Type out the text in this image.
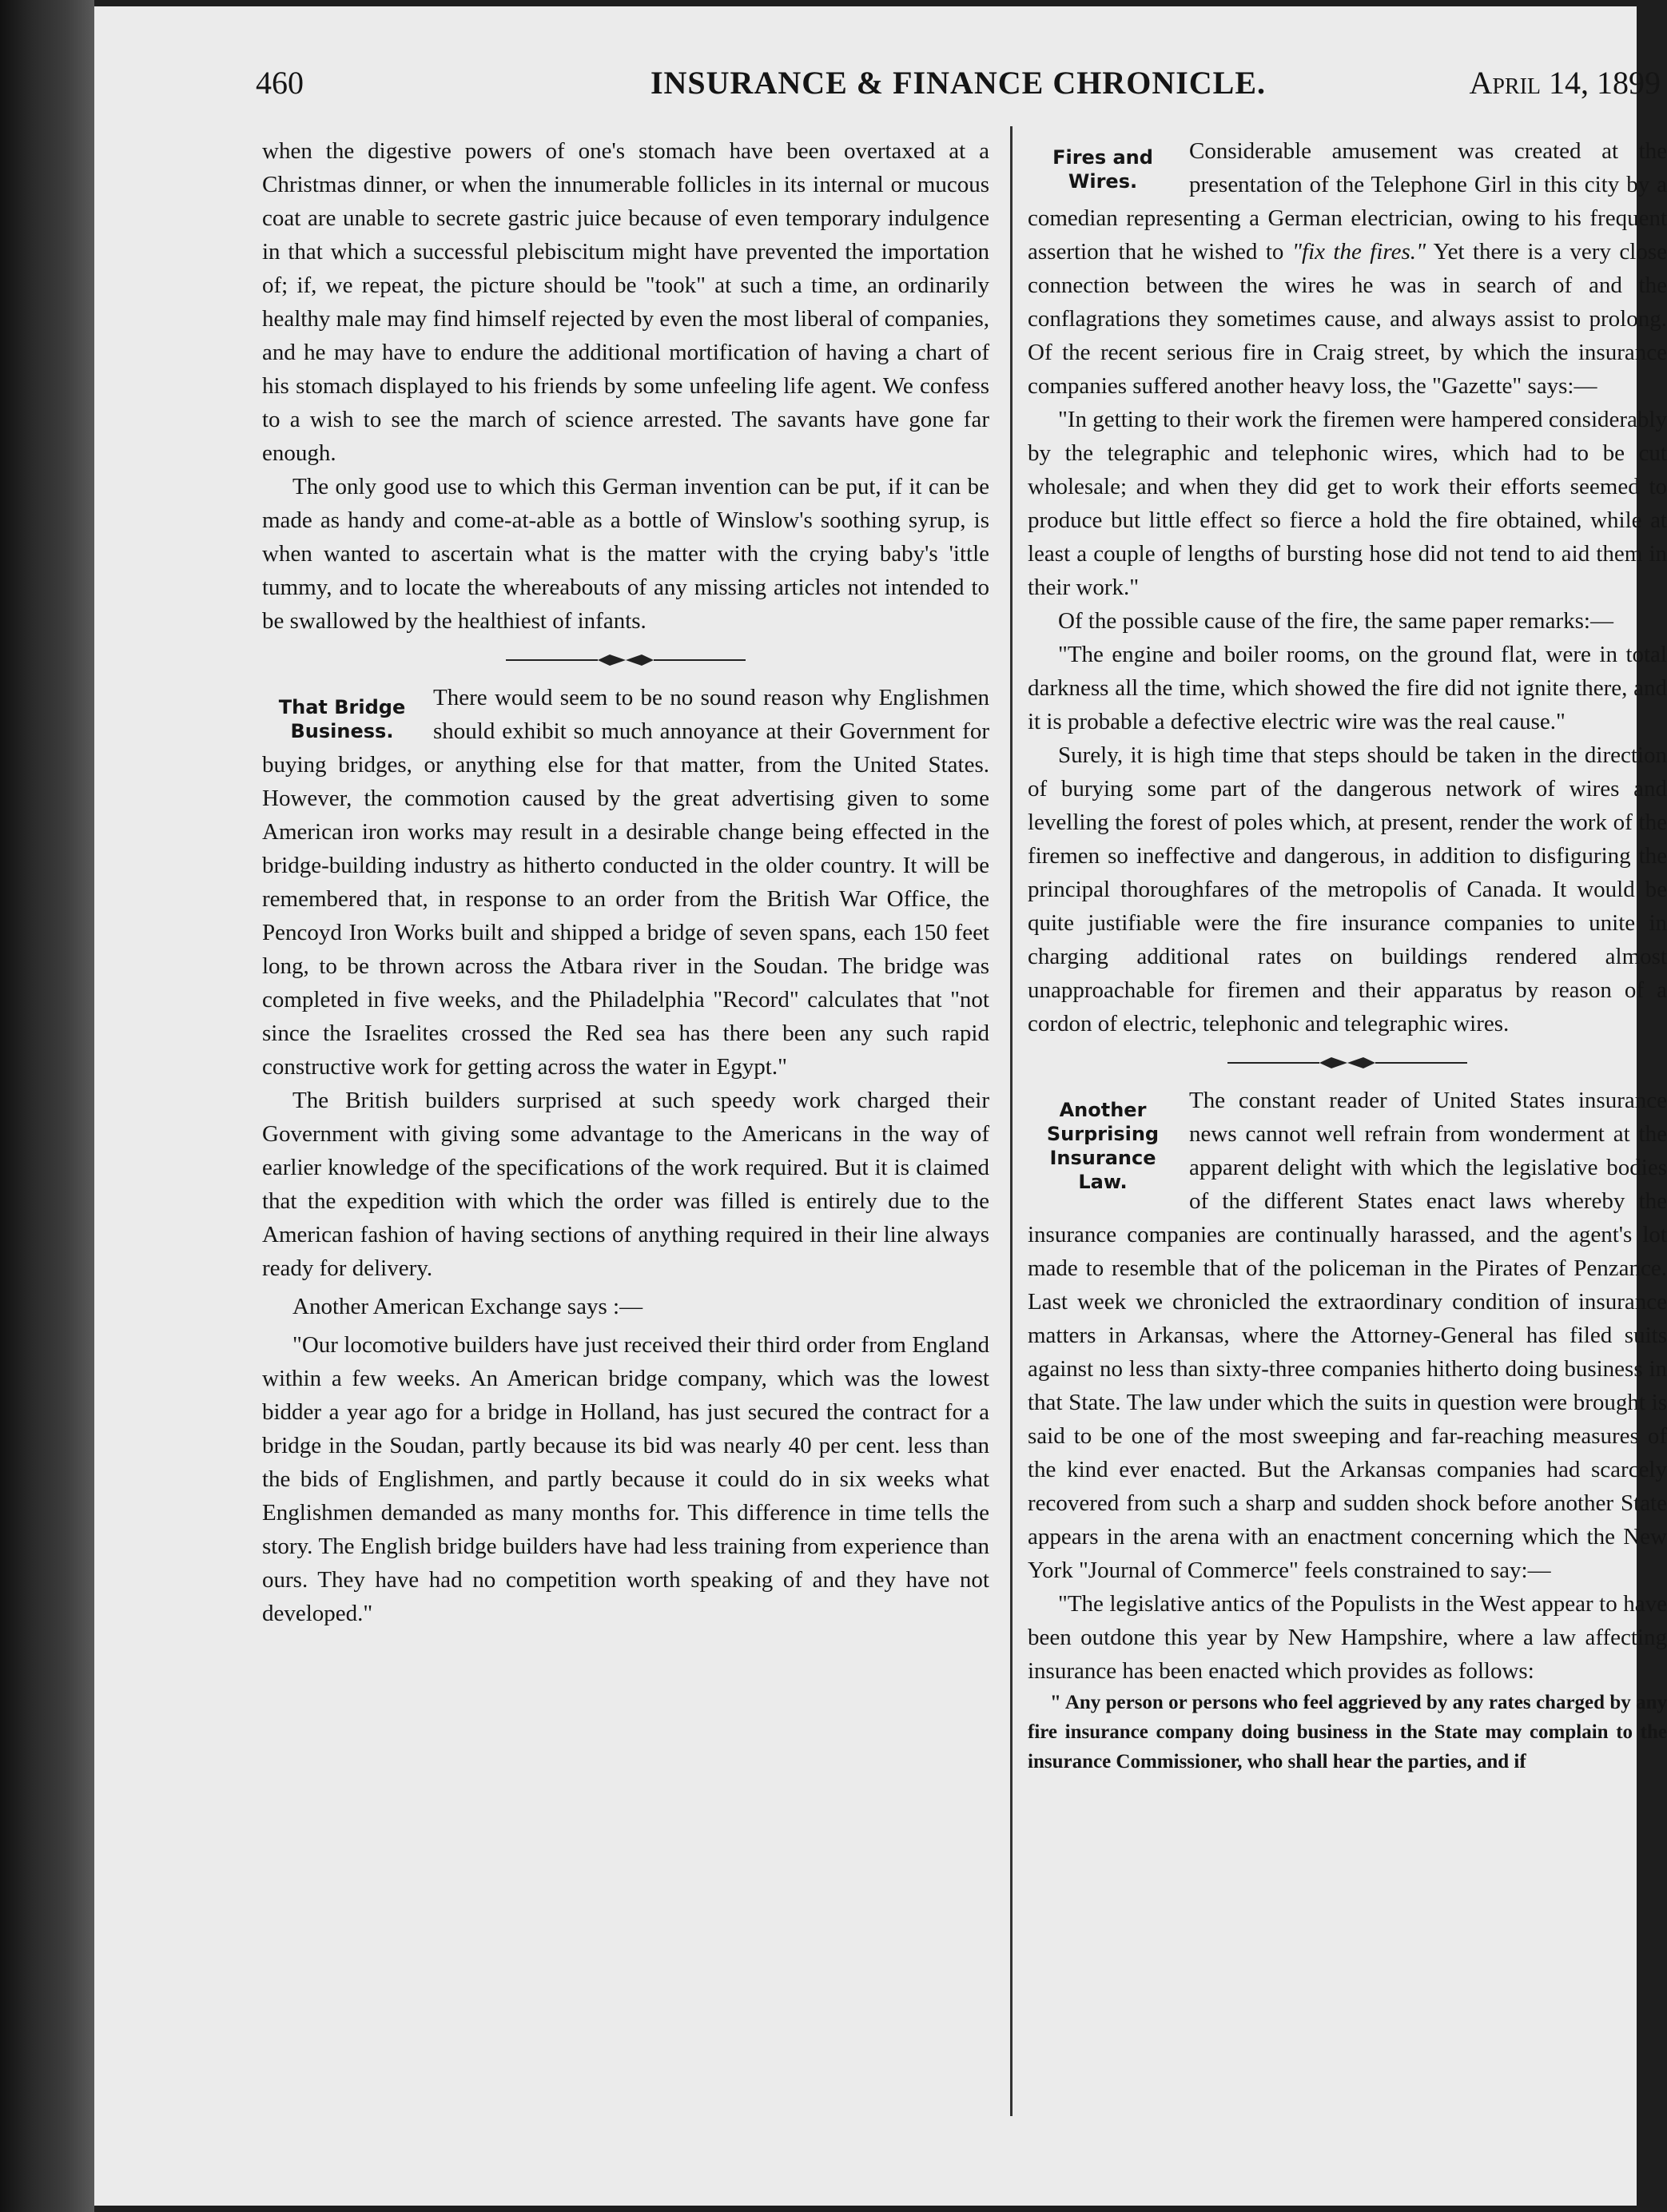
460	INSURANCE & FINANCE CHRONICLE.	April 14, 1899

when the digestive powers of one's stomach have been overtaxed at a Christmas dinner, or when the innumerable follicles in its internal or mucous coat are unable to secrete gastric juice because of even temporary indulgence in that which a successful plebiscitum might have prevented the importation of; if, we repeat, the picture should be "took" at such a time, an ordinarily healthy male may find himself rejected by even the most liberal of companies, and he may have to endure the additional mortification of having a chart of his stomach displayed to his friends by some unfeeling life agent. We confess to a wish to see the march of science arrested. The savants have gone far enough.

The only good use to which this German invention can be put, if it can be made as handy and come-at-able as a bottle of Winslow's soothing syrup, is when wanted to ascertain what is the matter with the crying baby's 'ittle tummy, and to locate the whereabouts of any missing articles not intended to be swallowed by the healthiest of infants.

That Bridge
Business.

There would seem to be no sound reason why Englishmen should exhibit so much annoyance at their Government for buying bridges, or anything else for that matter, from the United States. However, the commotion caused by the great advertising given to some American iron works may result in a desirable change being effected in the bridge-building industry as hitherto conducted in the older country. It will be remembered that, in response to an order from the British War Office, the Pencoyd Iron Works built and shipped a bridge of seven spans, each 150 feet long, to be thrown across the Atbara river in the Soudan. The bridge was completed in five weeks, and the Philadelphia "Record" calculates that "not since the Israelites crossed the Red sea has there been any such rapid constructive work for getting across the water in Egypt."

The British builders surprised at such speedy work charged their Government with giving some advantage to the Americans in the way of earlier knowledge of the specifications of the work required. But it is claimed that the expedition with which the order was filled is entirely due to the American fashion of having sections of anything required in their line always ready for delivery.

Another American Exchange says :—

"Our locomotive builders have just received their third order from England within a few weeks. An American bridge company, which was the lowest bidder a year ago for a bridge in Holland, has just secured the contract for a bridge in the Soudan, partly because its bid was nearly 40 per cent. less than the bids of Englishmen, and partly because it could do in six weeks what Englishmen demanded as many months for. This difference in time tells the story. The English bridge builders have had less training from experience than ours. They have had no competition worth speaking of and they have not developed."

Fires and
Wires.

Considerable amusement was created at the presentation of the Telephone Girl in this city by a comedian representing a German electrician, owing to his frequent assertion that he wished to "fix the fires." Yet there is a very close connection between the wires he was in search of and the conflagrations they sometimes cause, and always assist to prolong. Of the recent serious fire in Craig street, by which the insurance companies suffered another heavy loss, the "Gazette" says:—

"In getting to their work the firemen were hampered considerably by the telegraphic and telephonic wires, which had to be cut wholesale; and when they did get to work their efforts seemed to produce but little effect so fierce a hold the fire obtained, while at least a couple of lengths of bursting hose did not tend to aid them in their work."

Of the possible cause of the fire, the same paper remarks:—

"The engine and boiler rooms, on the ground flat, were in total darkness all the time, which showed the fire did not ignite there, and it is probable a defective electric wire was the real cause."

Surely, it is high time that steps should be taken in the direction of burying some part of the dangerous network of wires and levelling the forest of poles which, at present, render the work of the firemen so ineffective and dangerous, in addition to disfiguring the principal thoroughfares of the metropolis of Canada. It would be quite justifiable were the fire insurance companies to unite in charging additional rates on buildings rendered almost unapproachable for firemen and their apparatus by reason of a cordon of electric, telephonic and telegraphic wires.

Another Surprising
Insurance Law.

The constant reader of United States insurance news cannot well refrain from wonderment at the apparent delight with which the legislative bodies of the different States enact laws whereby the insurance companies are continually harassed, and the agent's lot made to resemble that of the policeman in the Pirates of Penzance. Last week we chronicled the extraordinary condition of insurance matters in Arkansas, where the Attorney-General has filed suits against no less than sixty-three companies hitherto doing business in that State. The law under which the suits in question were brought is said to be one of the most sweeping and far-reaching measures of the kind ever enacted. But the Arkansas companies had scarcely recovered from such a sharp and sudden shock before another State appears in the arena with an enactment concerning which the New York "Journal of Commerce" feels constrained to say:—

"The legislative antics of the Populists in the West appear to have been outdone this year by New Hampshire, where a law affecting insurance has been enacted which provides as follows:

" Any person or persons who feel aggrieved by any rates charged by any fire insurance company doing business in the State may complain to the insurance Commissioner, who shall hear the parties, and if
